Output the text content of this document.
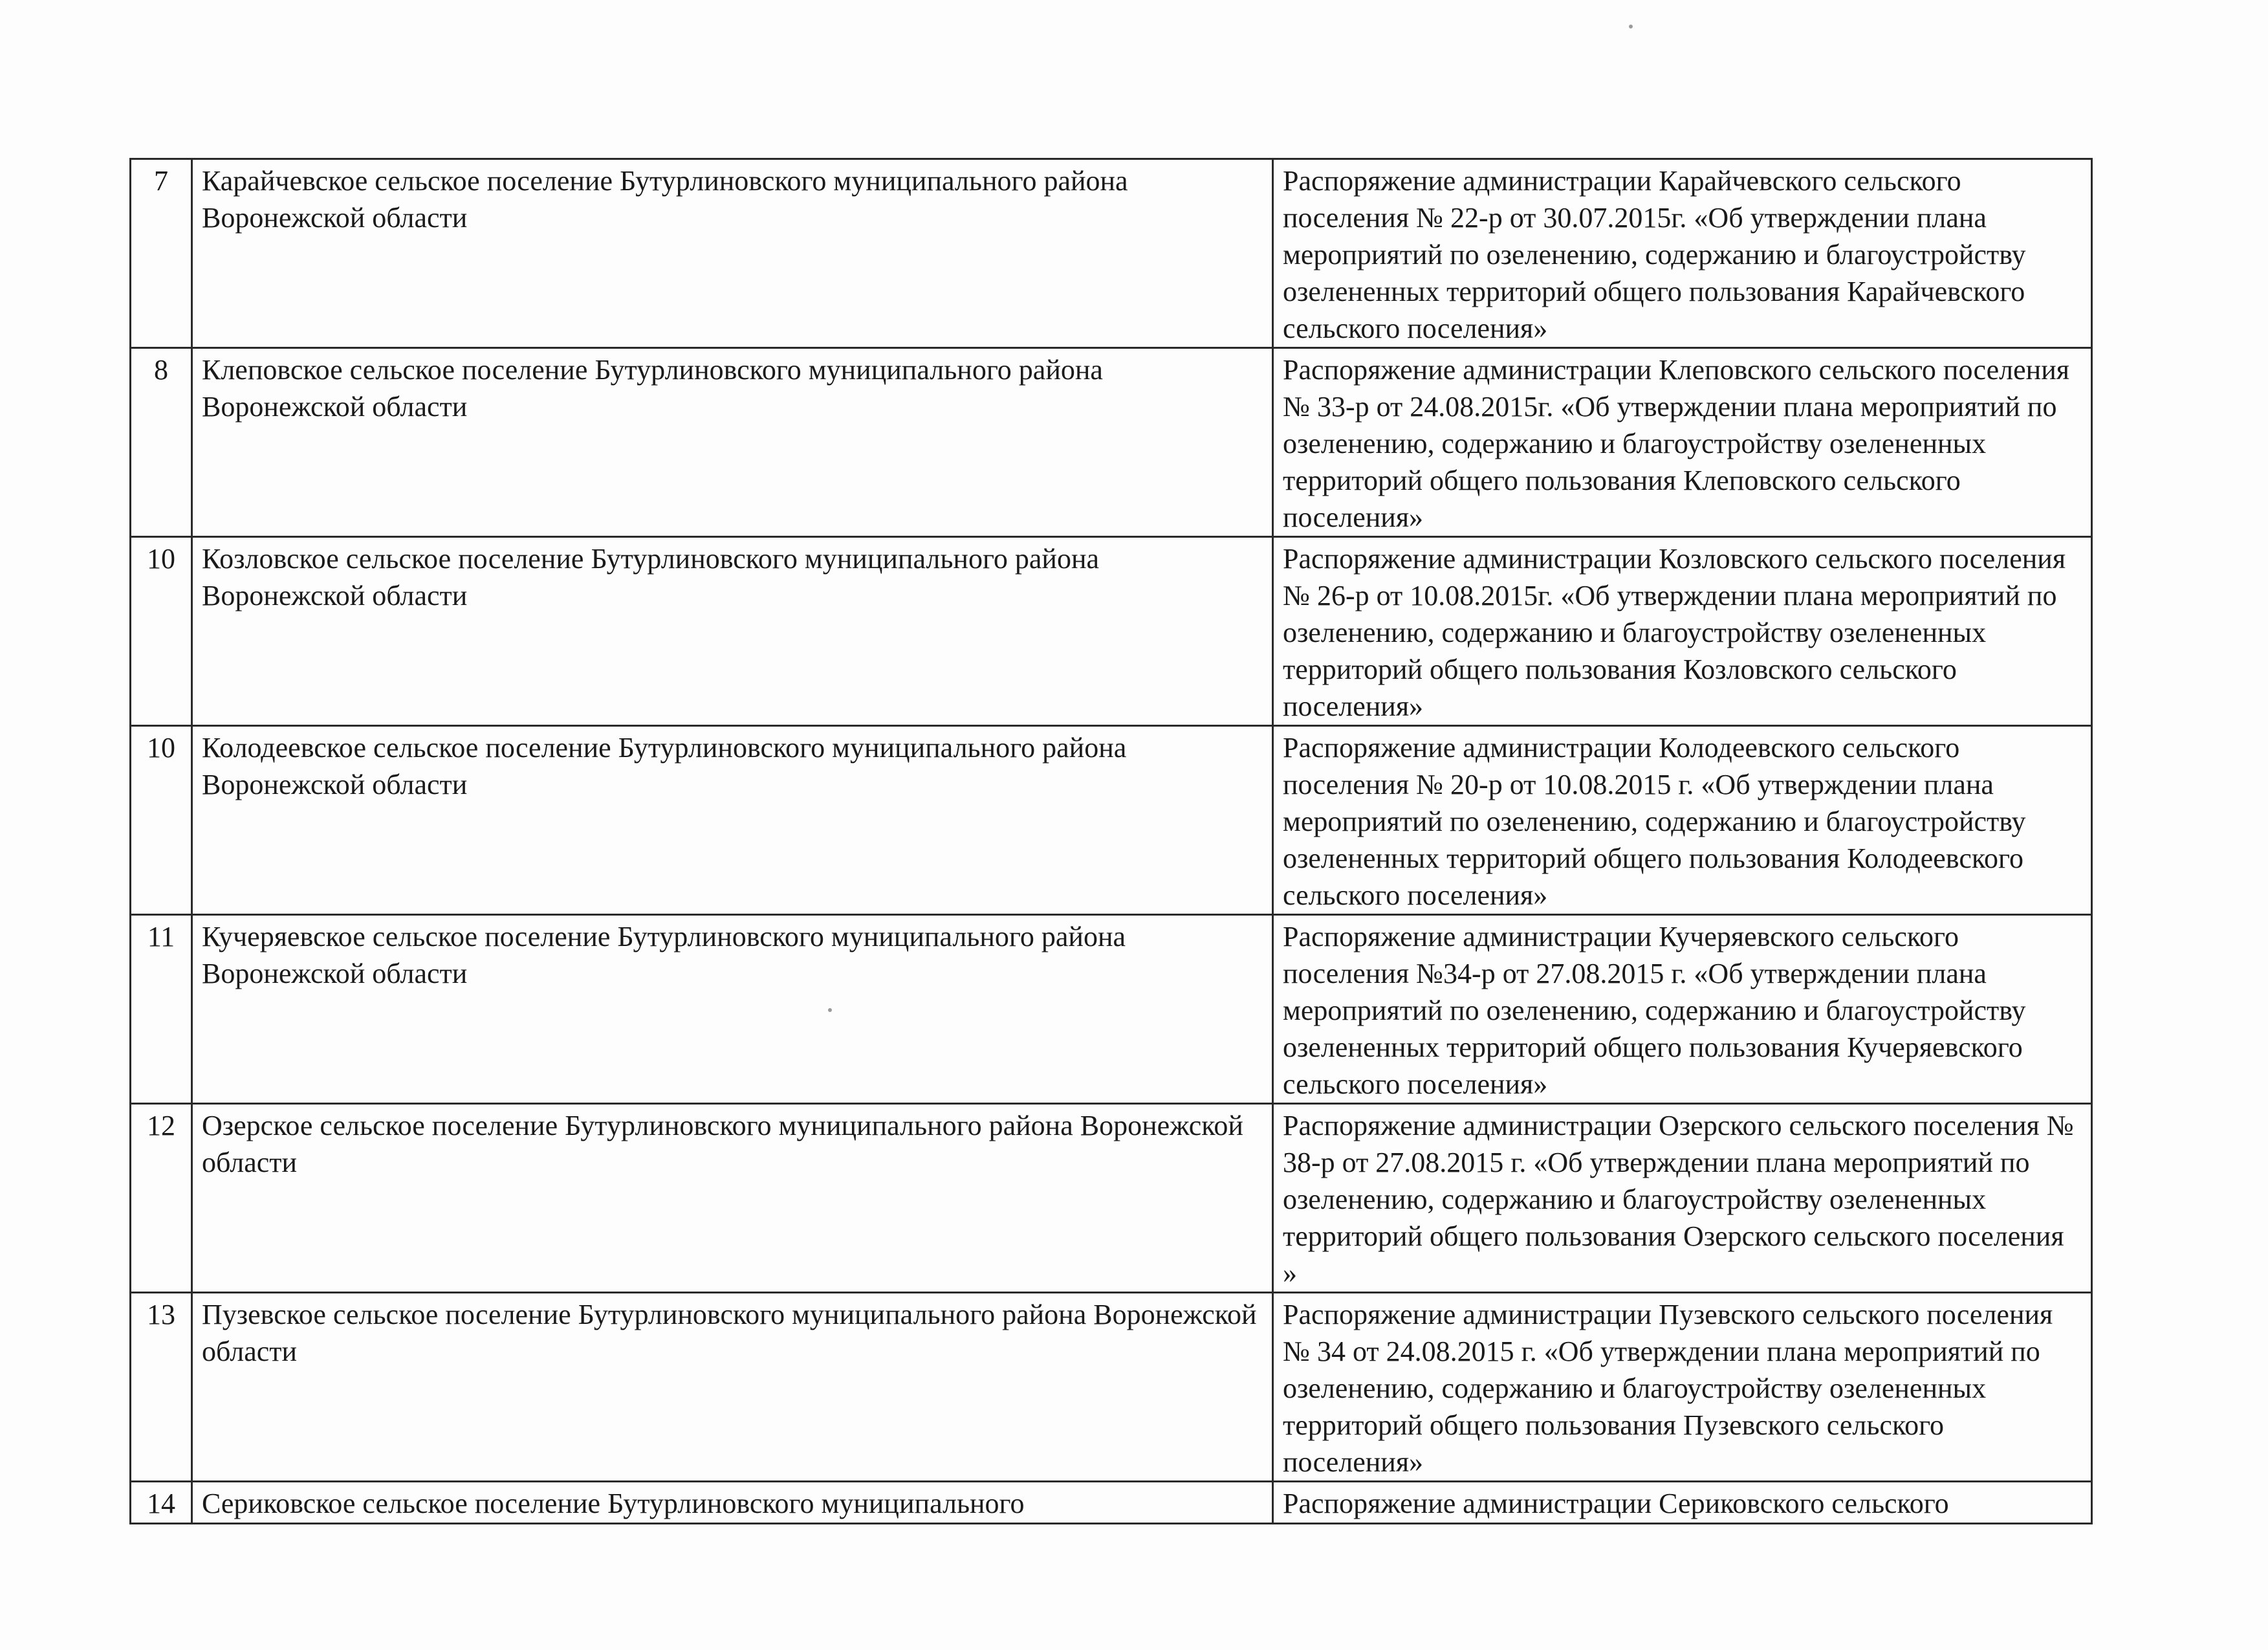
7	Карайчевское сельское поселение Бутурлиновского муниципального района Воронежской области	Распоряжение администрации Карайчевского сельского поселения № 22-р от 30.07.2015г. «Об утверждении плана мероприятий по озеленению, содержанию и благоустройству озелененных территорий общего пользования Карайчевского сельского поселения»
8	Клеповское сельское поселение Бутурлиновского муниципального района Воронежской области	Распоряжение администрации Клеповского сельского поселения № 33-р от 24.08.2015г. «Об утверждении плана мероприятий по озеленению, содержанию и благоустройству озелененных территорий общего пользования Клеповского сельского поселения»
10	Козловское сельское поселение Бутурлиновского муниципального района Воронежской области	Распоряжение администрации Козловского сельского поселения № 26-р от 10.08.2015г. «Об утверждении плана мероприятий по озеленению, содержанию и благоустройству озелененных территорий общего пользования Козловского сельского поселения»
10	Колодеевское сельское поселение Бутурлиновского муниципального района Воронежской области	Распоряжение администрации Колодеевского сельского поселения № 20-р от 10.08.2015 г. «Об утверждении плана мероприятий по озеленению, содержанию и благоустройству озелененных территорий общего пользования Колодеевского сельского поселения»
11	Кучеряевское сельское поселение Бутурлиновского муниципального района Воронежской области	Распоряжение администрации Кучеряевского сельского поселения №34-р от 27.08.2015 г. «Об утверждении плана мероприятий по озеленению, содержанию и благоустройству озелененных территорий общего пользования Кучеряевского сельского поселения»
12	Озерское сельское поселение Бутурлиновского муниципального района Воронежской области	Распоряжение администрации Озерского сельского поселения № 38-р от 27.08.2015 г. «Об утверждении плана мероприятий по озеленению, содержанию и благоустройству озелененных территорий общего пользования Озерского сельского поселения »
13	Пузевское сельское поселение Бутурлиновского муниципального района Воронежской области	Распоряжение администрации Пузевского сельского поселения № 34 от 24.08.2015 г. «Об утверждении плана мероприятий по озеленению, содержанию и благоустройству озелененных территорий общего пользования Пузевского сельского поселения»
14	Сериковское сельское поселение Бутурлиновского муниципального	Распоряжение администрации Сериковского сельского
